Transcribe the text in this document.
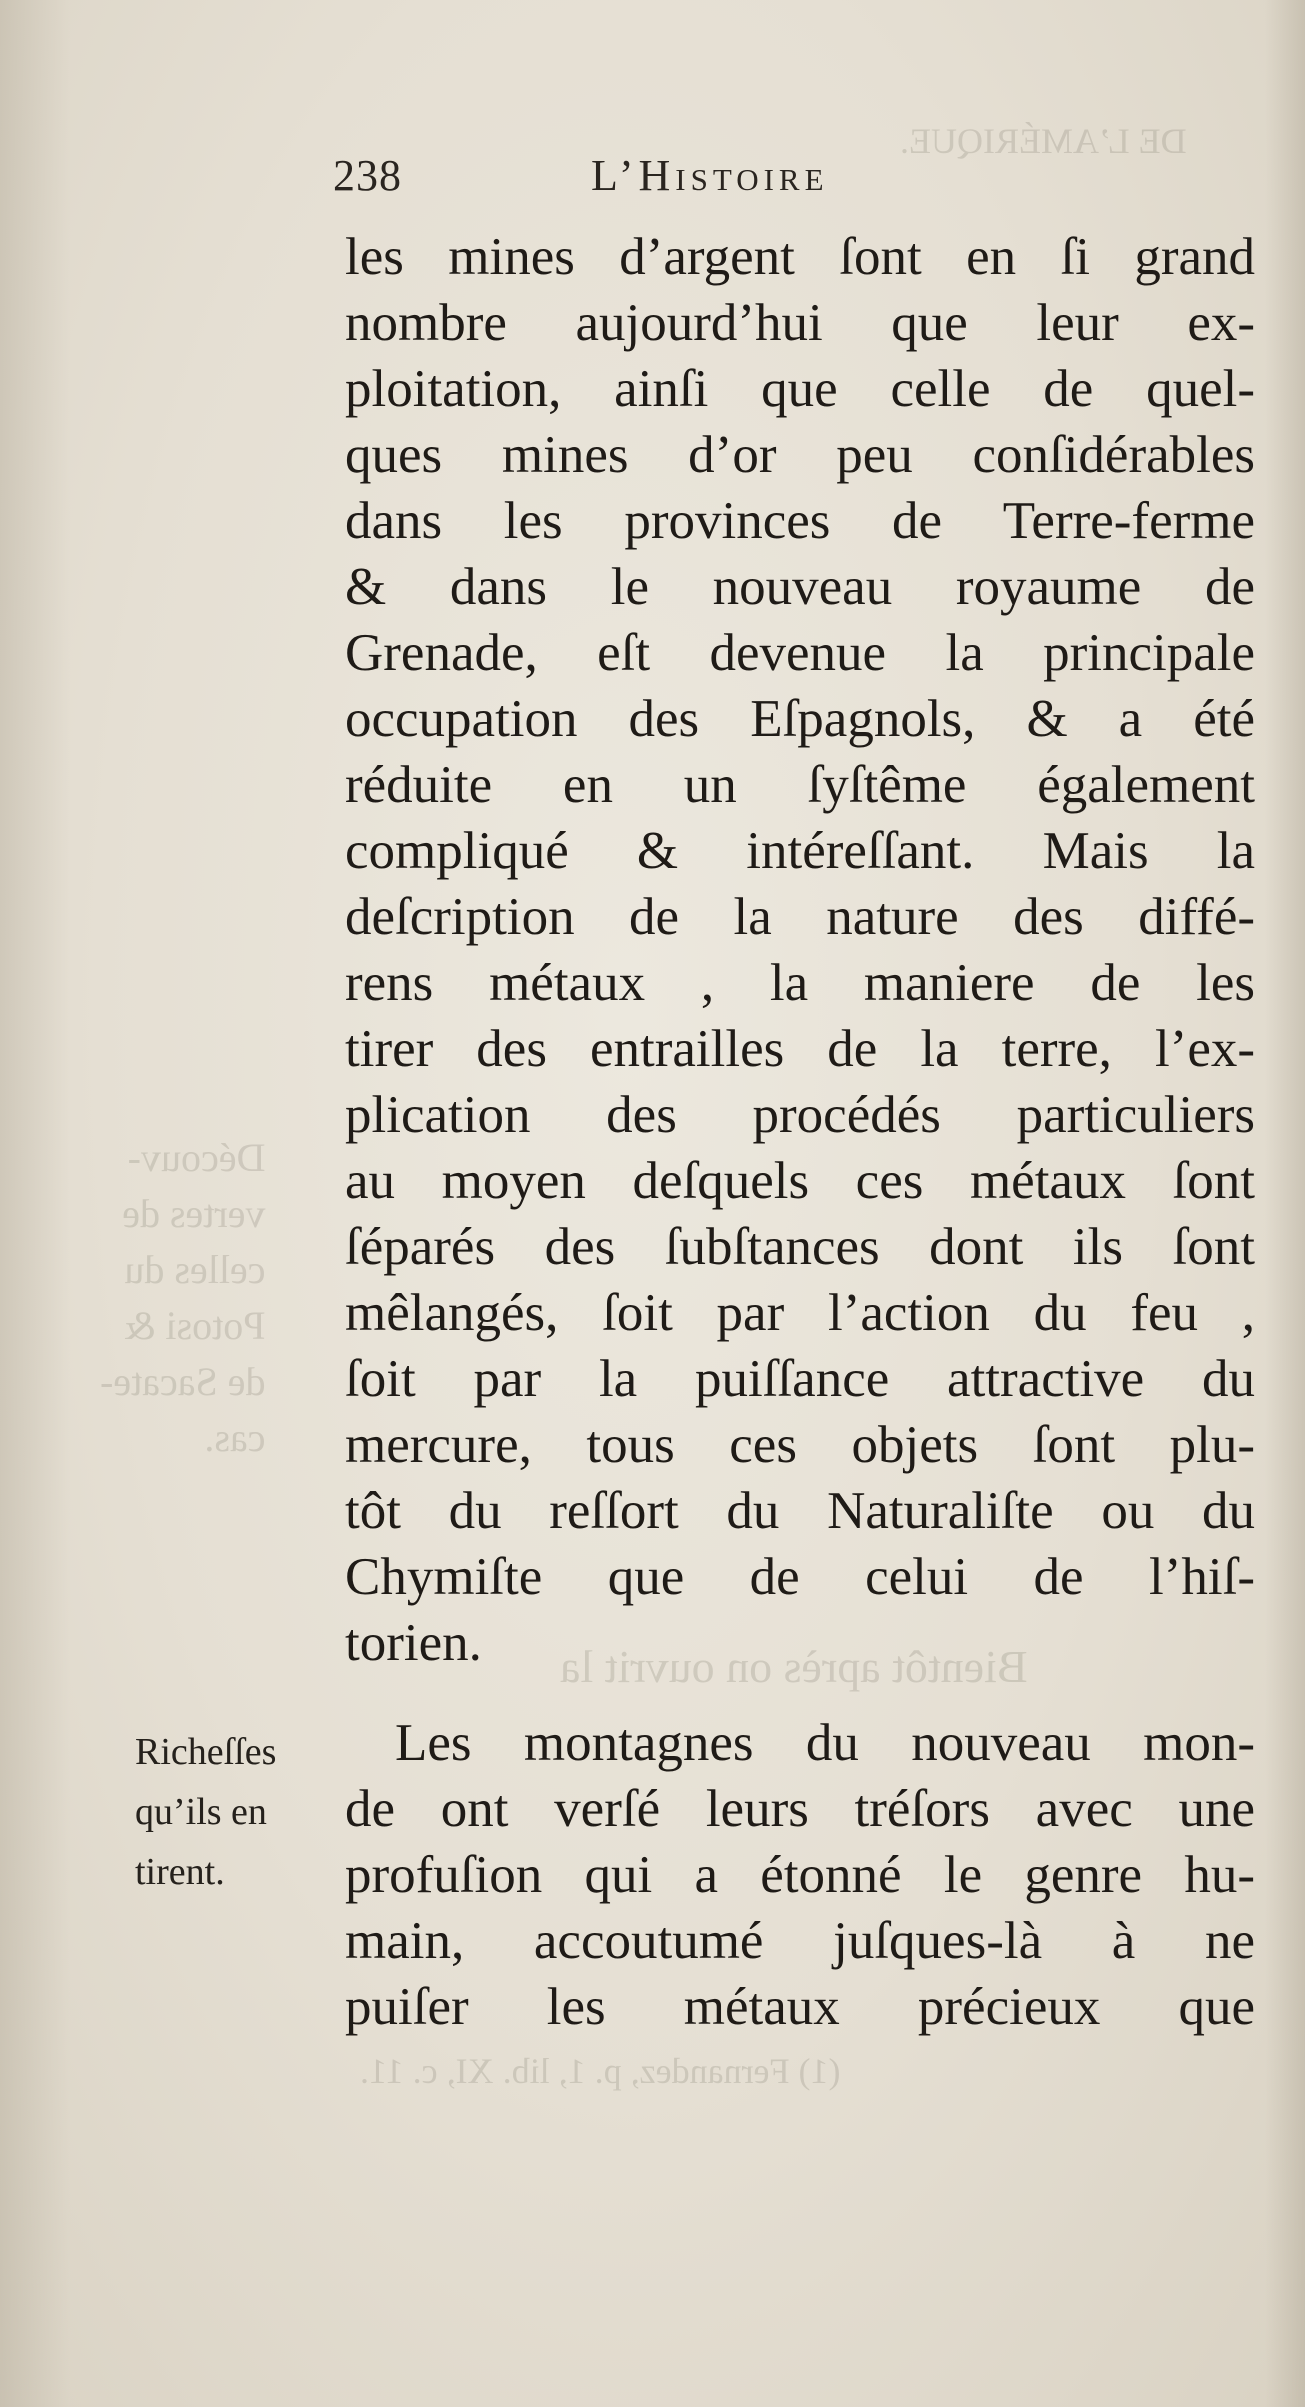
Découv-
vertes de
celles du
Potosi &
de Sacate-
cas.
Bientôt après on ouvrit la
(1) Fernandez, p. 1, lib. XI, c. 11.
DE L’AMÉRIQUE.
238	L’Histoire
les mines d’argent ſont en ſi grand
nombre aujourd’hui que leur ex-
ploitation, ainſi que celle de quel-
ques mines d’or peu conſidérables
dans les provinces de Terre-ferme
& dans le nouveau royaume de
Grenade, eſt devenue la principale
occupation des Eſpagnols, & a été
réduite en un ſyſtême également
compliqué & intéreſſant. Mais la
deſcription de la nature des diffé-
rens métaux , la maniere de les
tirer des entrailles de la terre, l’ex-
plication des procédés particuliers
au moyen deſquels ces métaux ſont
ſéparés des ſubſtances dont ils ſont
mêlangés, ſoit par l’action du feu ,
ſoit par la puiſſance attractive du
mercure, tous ces objets ſont plu-
tôt du reſſort du Naturaliſte ou du
Chymiſte que de celui de l’hiſ-
torien.
Les montagnes du nouveau mon-
de ont verſé leurs tréſors avec une
profuſion qui a étonné le genre hu-
main, accoutumé juſques-là à ne
puiſer les métaux précieux que
Richeſſes
qu’ils en
tirent.
